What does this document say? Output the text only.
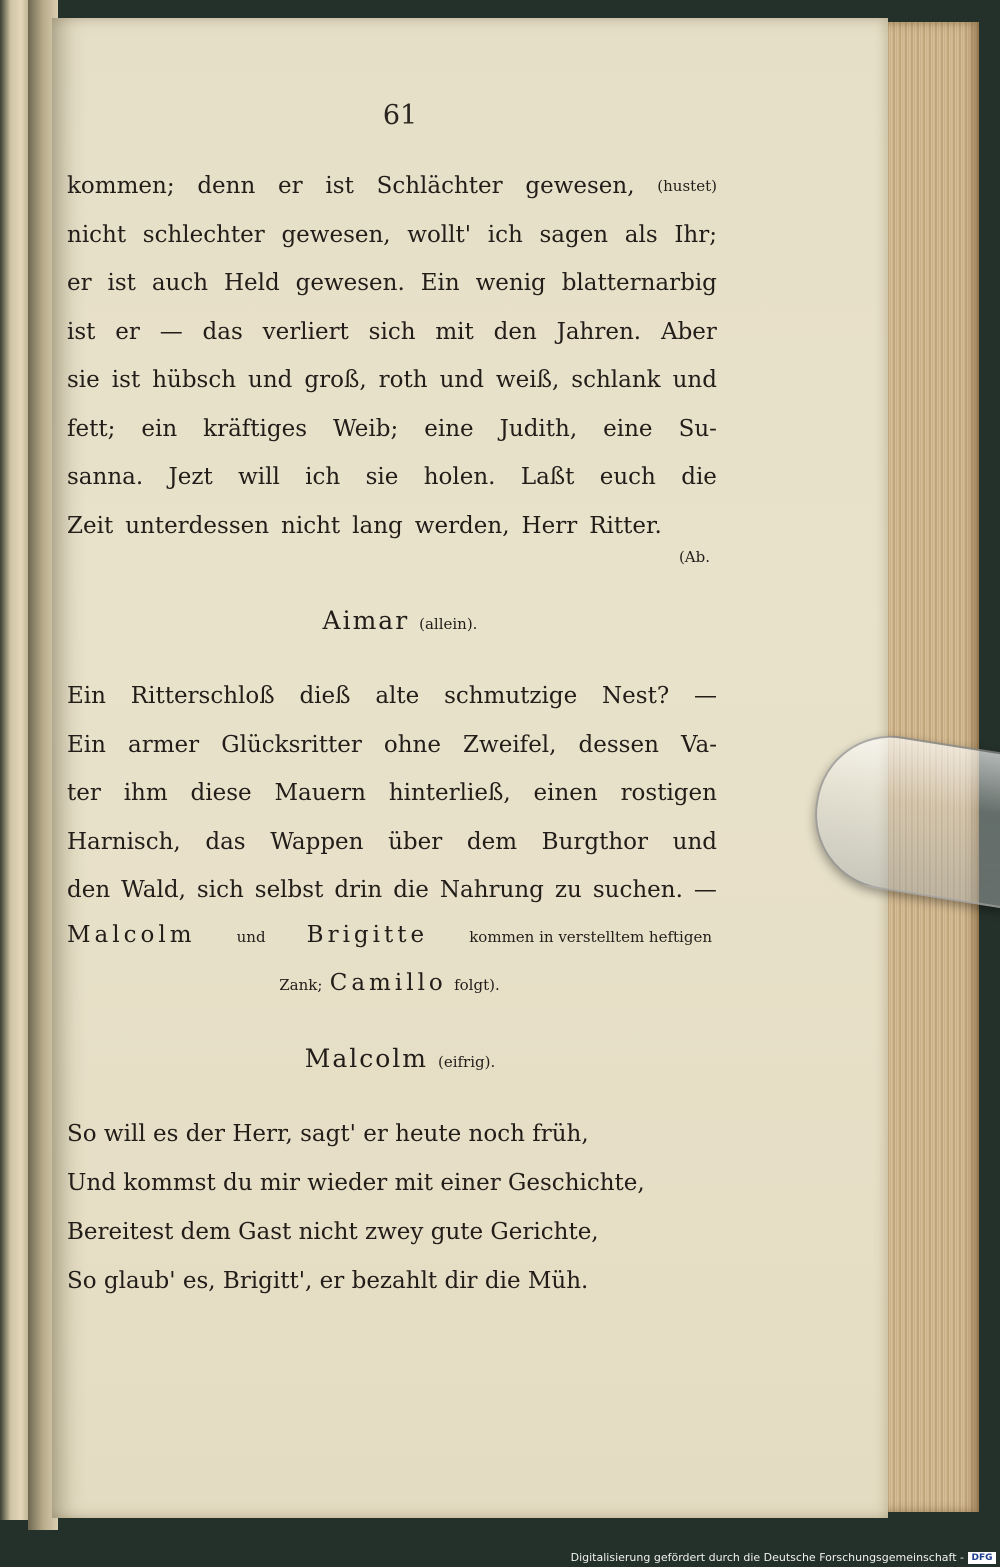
61
kommen; denn er ist Schlächter gewesen, (hustet)
nicht schlechter gewesen, wollt' ich sagen als Ihr;
er ist auch Held gewesen. Ein wenig blatternarbig
ist er — das verliert sich mit den Jahren. Aber
sie ist hübsch und groß, roth und weiß, schlank und
fett; ein kräftiges Weib; eine Judith, eine Su-
sanna. Jezt will ich sie holen. Laßt euch die
Zeit unterdessen nicht lang werden, Herr Ritter.
(Ab.
Aimar (allein).
Ein Ritterschloß dieß alte schmutzige Nest? —
Ein armer Glücksritter ohne Zweifel, dessen Va-
ter ihm diese Mauern hinterließ, einen rostigen
Harnisch, das Wappen über dem Burgthor und
den Wald, sich selbst drin die Nahrung zu suchen. —
Malcolm	und Brigitte	kommen in verstelltem heftigen
Zank; Camillo folgt).
Malcolm (eifrig).
So will es der Herr, sagt' er heute noch früh,
Und kommst du mir wieder mit einer Geschichte,
Bereitest dem Gast nicht zwey gute Gerichte,
So glaub' es, Brigitt', er bezahlt dir die Müh.
Digitalisierung gefördert durch die Deutsche Forschungsgemeinschaft - DFG
